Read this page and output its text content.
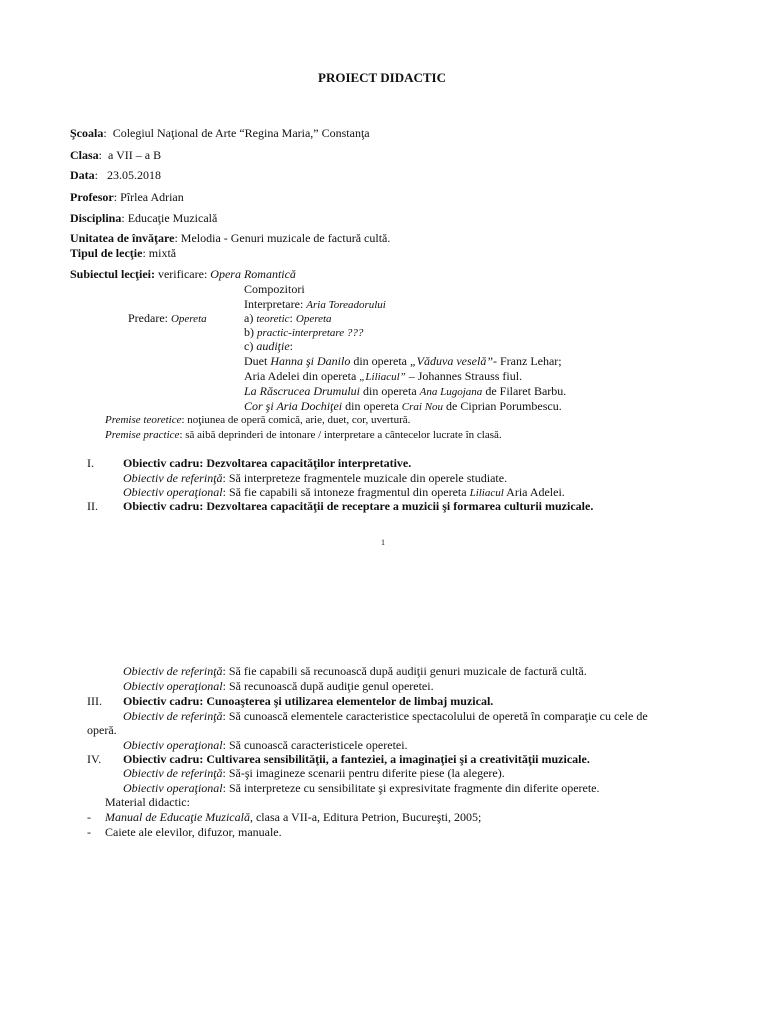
PROIECT DIDACTIC
Şcoala:  Colegiul Naţional de Arte “Regina Maria,” Constanţa
Clasa:  a VII – a B
Data:   23.05.2018
Profesor: Pîrlea Adrian
Disciplina: Educaţie Muzicală
Unitatea de învăţare: Melodia - Genuri muzicale de factură cultă.
Tipul de lecţie: mixtă
Subiectul lecţiei: verificare: Opera Romantică
Compozitori
Interpretare: Aria Toreadorului
Predare: Opereta	a) teoretic: Opereta
b) practic-interpretare ???
c) audiţie:
Duet Hanna şi Danilo din opereta „Văduva veselă”- Franz Lehar;
Aria Adelei din opereta „Liliacul” – Johannes Strauss fiul.
La Răscrucea Drumului din opereta Ana Lugojana de Filaret Barbu.
Cor şi Aria Dochiţei din opereta Crai Nou de Ciprian Porumbescu.
Premise teoretice: noţiunea de operă comică, arie, duet, cor, uvertură.
Premise practice: să aibă deprinderi de intonare / interpretare a cântecelor lucrate în clasă.
I. Obiectiv cadru: Dezvoltarea capacităţilor interpretative.
Obiectiv de referinţă: Să interpreteze fragmentele muzicale din operele studiate.
Obiectiv operaţional: Să fie capabili să intoneze fragmentul din opereta Liliacul Aria Adelei.
II. Obiectiv cadru: Dezvoltarea capacităţii de receptare a muzicii şi formarea culturii muzicale.
1
Obiectiv de referinţă: Să fie capabili să recunoască după audiţii genuri muzicale de factură cultă.
Obiectiv operaţional: Să recunoască după audiţie genul operetei.
III. Obiectiv cadru: Cunoaşterea şi utilizarea elementelor de limbaj muzical.
Obiectiv de referinţă: Să cunoască elementele caracteristice spectacolului de operetă în comparaţie cu cele de
operă.
Obiectiv operaţional: Să cunoască caracteristicele operetei.
IV. Obiectiv cadru: Cultivarea sensibilităţii, a fanteziei, a imaginaţiei şi a creativităţii muzicale.
Obiectiv de referinţă: Să-şi imagineze scenarii pentru diferite piese (la alegere).
Obiectiv operaţional: Să interpreteze cu sensibilitate şi expresivitate fragmente din diferite operete.
Material didactic:
- Manual de Educaţie Muzicală, clasa a VII-a, Editura Petrion, Bucureşti, 2005;
- Caiete ale elevilor, difuzor, manuale.
